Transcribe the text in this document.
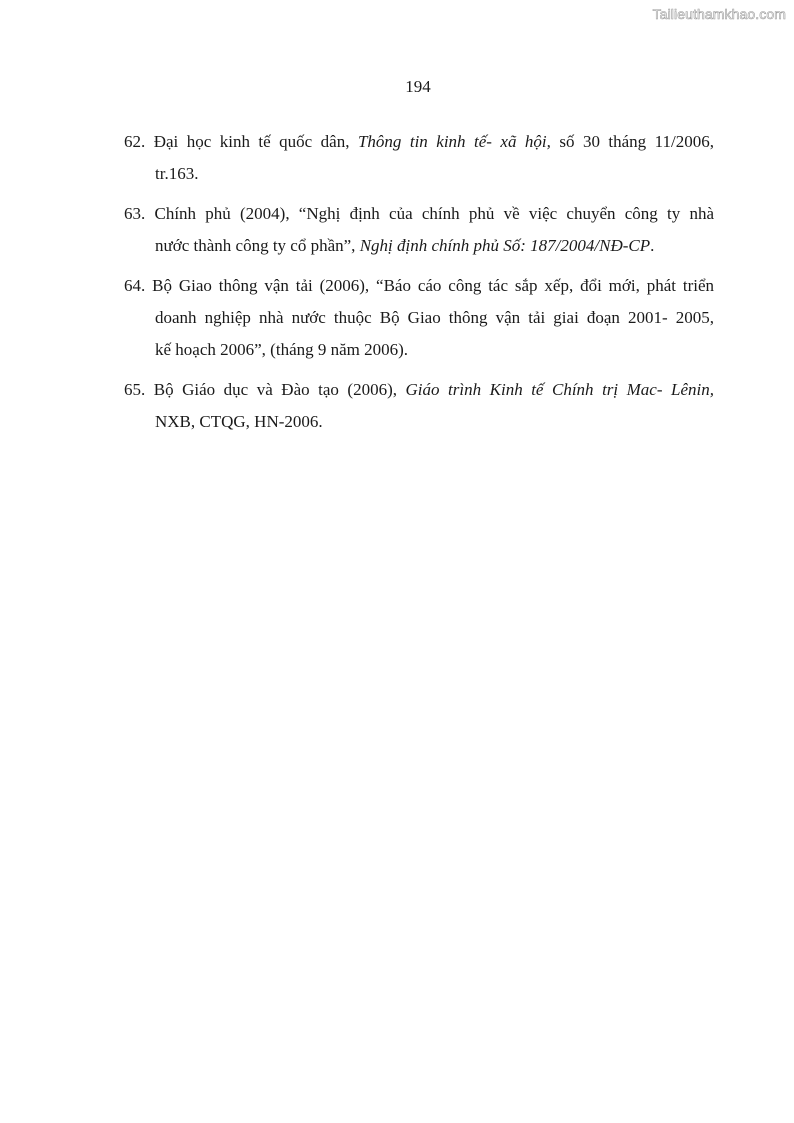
Tailieuthamkhao.com
194
62. Đại học kinh tế quốc dân, Thông tin kinh tế- xã hội, số 30 tháng 11/2006,
tr.163.
63. Chính phủ (2004), “Nghị định của chính phủ về việc chuyển công ty nhà
nước thành công ty cổ phần”, Nghị định chính phủ Số: 187/2004/NĐ-CP.
64. Bộ Giao thông vận tải (2006), “Báo cáo công tác sắp xếp, đổi mới, phát triển
doanh nghiệp nhà nước thuộc Bộ Giao thông vận tải giai đoạn 2001- 2005,
kế hoạch 2006”, (tháng 9 năm 2006).
65. Bộ Giáo dục và Đào tạo (2006), Giáo trình Kinh tế Chính trị Mac- Lênin,
NXB, CTQG, HN-2006.
